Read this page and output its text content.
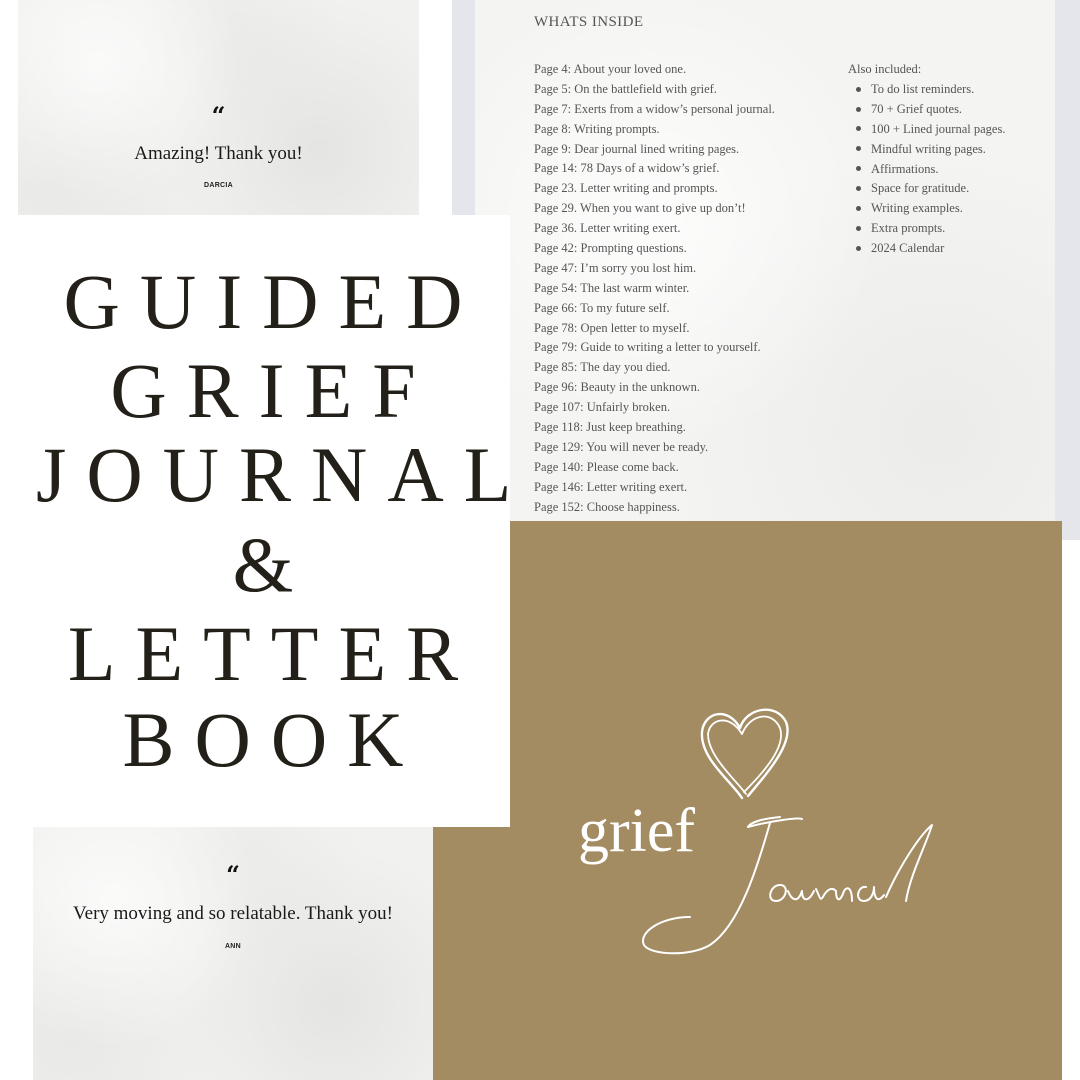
“
Amazing! Thank you!
DARCIA
WHATS INSIDE
Page 4: About your loved one.
Page 5: On the battlefield with grief.
Page 7: Exerts from a widow’s personal journal.
Page 8: Writing prompts.
Page 9: Dear journal lined writing pages.
Page 14: 78 Days of a widow’s grief.
Page 23. Letter writing and prompts.
Page 29. When you want to give up don’t!
Page 36. Letter writing exert.
Page 42: Prompting questions.
Page 47: I’m sorry you lost him.
Page 54: The last warm winter.
Page 66: To my future self.
Page 78: Open letter to myself.
Page 79: Guide to writing a letter to yourself.
Page 85: The day you died.
Page 96: Beauty in the unknown.
Page 107: Unfairly broken.
Page 118: Just keep breathing.
Page 129: You will never be ready.
Page 140: Please come back.
Page 146: Letter writing exert.
Page 152: Choose happiness.
Also included:
To do list reminders.
70 + Grief quotes.
100 + Lined journal pages.
Mindful writing pages.
Affirmations.
Space for gratitude.
Writing examples.
Extra prompts.
2024 Calendar
grief
GUIDED
GRIEF
JOURNAL
&
LETTER
BOOK
“
Very moving and so relatable. Thank you!
ANN
